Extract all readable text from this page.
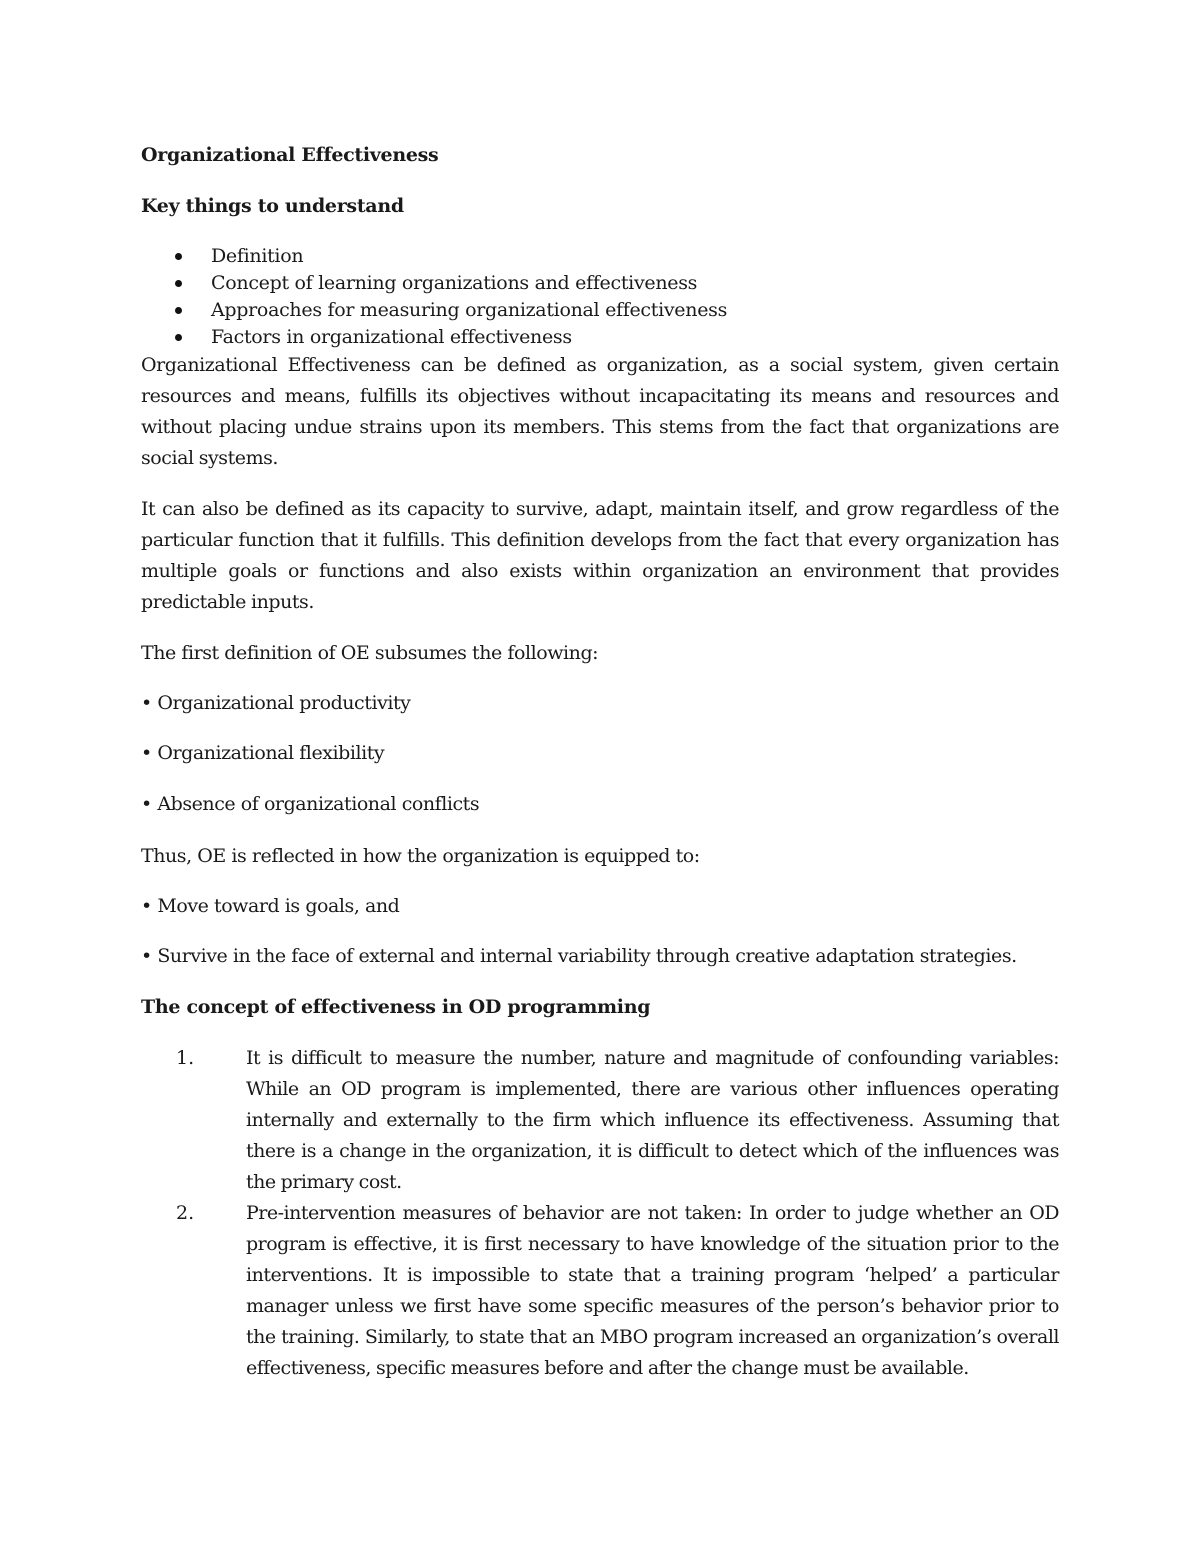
Organizational Effectiveness
Key things to understand
Definition
Concept of learning organizations and effectiveness
Approaches for measuring organizational effectiveness
Factors in organizational effectiveness
Organizational Effectiveness can be defined as organization, as a social system, given certain resources and means, fulfills its objectives without incapacitating its means and resources and without placing undue strains upon its members. This stems from the fact that organizations are social systems.
It can also be defined as its capacity to survive, adapt, maintain itself, and grow regardless of the particular function that it fulfills. This definition develops from the fact that every organization has multiple goals or functions and also exists within organization an environment that provides predictable inputs.
The first definition of OE subsumes the following:
• Organizational productivity
• Organizational flexibility
• Absence of organizational conflicts
Thus, OE is reflected in how the organization is equipped to:
• Move toward is goals, and
• Survive in the face of external and internal variability through creative adaptation strategies.
The concept of effectiveness in OD programming
1.	It is difficult to measure the number, nature and magnitude of confounding variables: While an OD program is implemented, there are various other influences operating internally and externally to the firm which influence its effectiveness. Assuming that there is a change in the organization, it is difficult to detect which of the influences was the primary cost.
2.	Pre-intervention measures of behavior are not taken: In order to judge whether an OD program is effective, it is first necessary to have knowledge of the situation prior to the interventions. It is impossible to state that a training program ‘helped’ a particular manager unless we first have some specific measures of the person’s behavior prior to the training. Similarly, to state that an MBO program increased an organization’s overall effectiveness, specific measures before and after the change must be available.
